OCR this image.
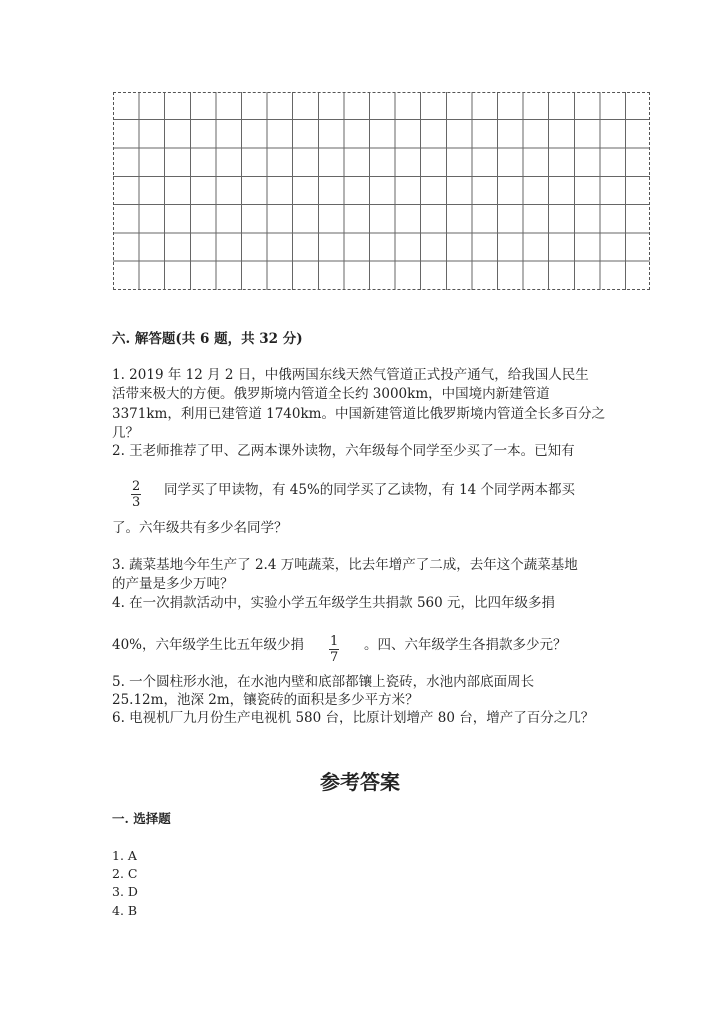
六. 解答题(共 6 题，共 32 分)
1. 2019 年 12 月 2 日，中俄两国东线天然气管道正式投产通气，给我国人民生
活带来极大的方便。俄罗斯境内管道全长约 3000km，中国境内新建管道
3371km，利用已建管道 1740km。中国新建管道比俄罗斯境内管道全长多百分之
几？
2. 王老师推荐了甲、乙两本课外读物，六年级每个同学至少买了一本。已知有
$\frac{2}{3}$ 同学买了甲读物，有 45%的同学买了乙读物，有 14 个同学两本都买
了。六年级共有多少名同学？
3. 蔬菜基地今年生产了 2.4 万吨蔬菜，比去年增产了二成，去年这个蔬菜基地
的产量是多少万吨？
4. 在一次捐款活动中，实验小学五年级学生共捐款 560 元，比四年级多捐
40%，六年级学生比五年级少捐 $\frac{1}{7}$ 。四、六年级学生各捐款多少元？
5. 一个圆柱形水池，在水池内壁和底部都镶上瓷砖，水池内部底面周长
25.12m，池深 2m，镶瓷砖的面积是多少平方米？
6. 电视机厂九月份生产电视机 580 台，比原计划增产 80 台，增产了百分之几？
参考答案
一. 选择题
1. A
2. C
3. D
4. B
